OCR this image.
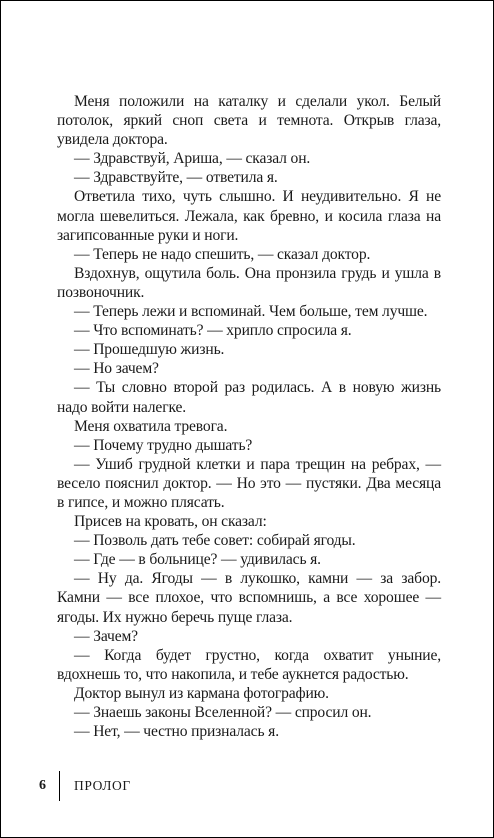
Меня положили на каталку и сделали укол. Белый потолок, яркий сноп света и темнота. Открыв глаза, увидела доктора.

— Здравствуй, Ариша, — сказал он.

— Здравствуйте, — ответила я.

Ответила тихо, чуть слышно. И неудивительно. Я не могла шевелиться. Лежала, как бревно, и косила глаза на загипсованные руки и ноги.

— Теперь не надо спешить, — сказал доктор.

Вздохнув, ощутила боль. Она пронзила грудь и ушла в позвоночник.

— Теперь лежи и вспоминай. Чем больше, тем лучше.

— Что вспоминать? — хрипло спросила я.

— Прошедшую жизнь.

— Но зачем?

— Ты словно второй раз родилась. А в новую жизнь надо войти налегке.

Меня охватила тревога.

— Почему трудно дышать?

— Ушиб грудной клетки и пара трещин на ребрах, — весело пояснил доктор. — Но это — пустяки. Два месяца в гипсе, и можно плясать.

Присев на кровать, он сказал:

— Позволь дать тебе совет: собирай ягоды.

— Где — в больнице? — удивилась я.

— Ну да. Ягоды — в лукошко, камни — за забор. Камни — все плохое, что вспомнишь, а все хорошее — ягоды. Их нужно беречь пуще глаза.

— Зачем?

— Когда будет грустно, когда охватит уныние, вдохнешь то, что накопила, и тебе аукнется радостью.

Доктор вынул из кармана фотографию.

— Знаешь законы Вселенной? — спросил он.

— Нет, — честно призналась я.

6	ПРОЛОГ
